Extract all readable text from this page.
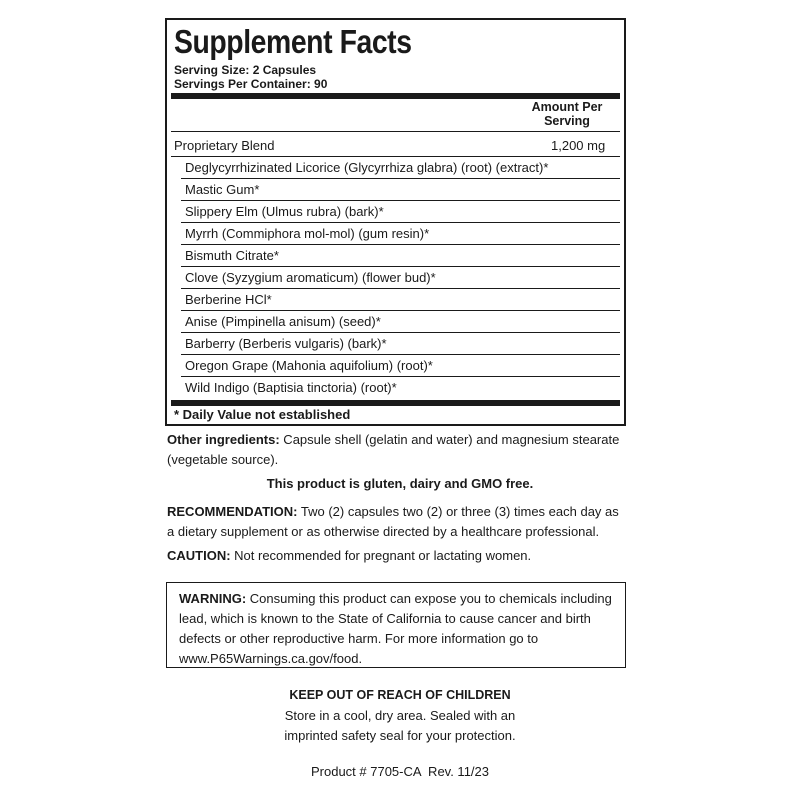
Supplement Facts
Serving Size: 2 Capsules
Servings Per Container: 90
Amount Per
Serving
Proprietary Blend	1,200 mg
Deglycyrrhizinated Licorice (Glycyrrhiza glabra) (root) (extract)*
Mastic Gum*
Slippery Elm (Ulmus rubra) (bark)*
Myrrh (Commiphora mol-mol) (gum resin)*
Bismuth Citrate*
Clove (Syzygium aromaticum) (flower bud)*
Berberine HCl*
Anise (Pimpinella anisum) (seed)*
Barberry (Berberis vulgaris) (bark)*
Oregon Grape (Mahonia aquifolium) (root)*
Wild Indigo (Baptisia tinctoria) (root)*
* Daily Value not established
Other ingredients: Capsule shell (gelatin and water) and magnesium stearate (vegetable source).
This product is gluten, dairy and GMO free.
RECOMMENDATION: Two (2) capsules two (2) or three (3) times each day as a dietary supplement or as otherwise directed by a healthcare professional.
CAUTION: Not recommended for pregnant or lactating women.
WARNING: Consuming this product can expose you to chemicals including lead, which is known to the State of California to cause cancer and birth defects or other reproductive harm. For more information go to www.P65Warnings.ca.gov/food.
KEEP OUT OF REACH OF CHILDREN
Store in a cool, dry area. Sealed with an
imprinted safety seal for your protection.
Product # 7705-CA  Rev. 11/23
